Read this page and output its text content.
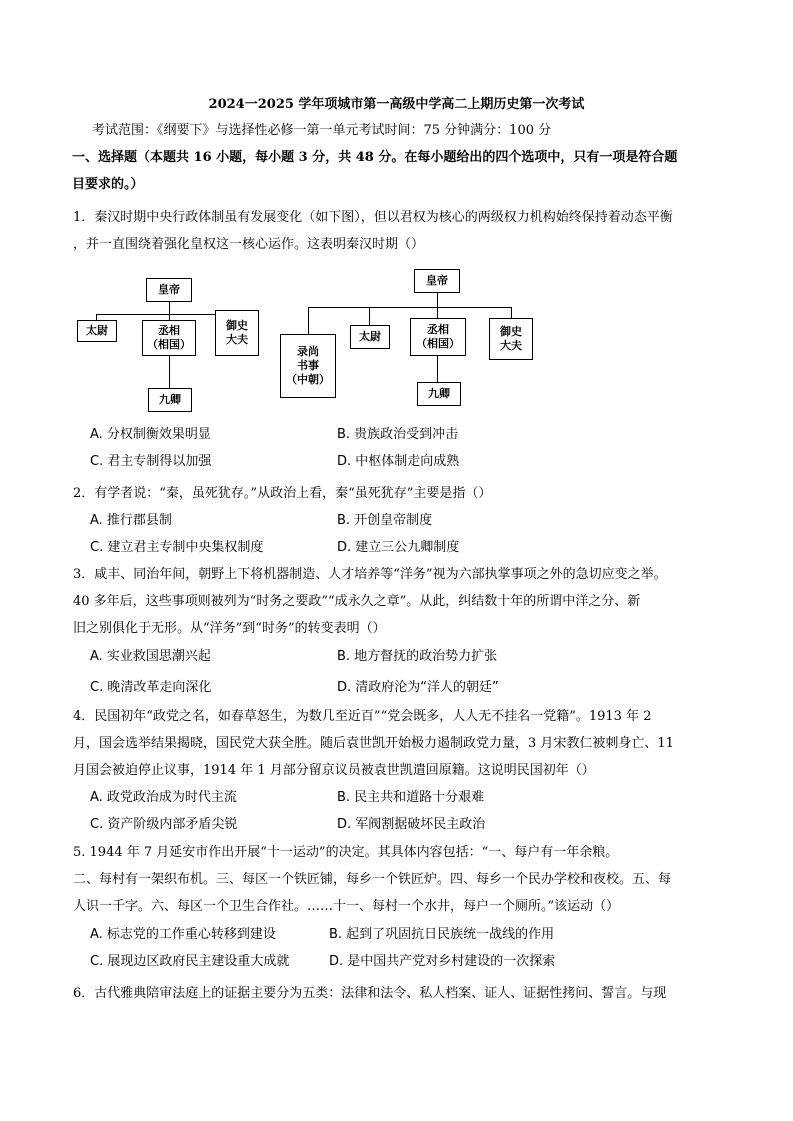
2024一2025 学年项城市第一高级中学高二上期历史第一次考试
考试范围：《纲要下》与选择性必修一第一单元考试时间：75 分钟满分：100 分
一、选择题（本题共 16 小题，每小题 3 分，共 48 分。在每小题给出的四个选项中，只有一项是符合题
目要求的。）
1．秦汉时期中央行政体制虽有发展变化（如下图），但以君权为核心的两级权力机构始终保持着动态平衡
，并一直围绕着强化皇权这一核心运作。这表明秦汉时期（）
皇帝
太尉	丞相
（相国）
御史
大夫
九卿
皇帝
录尚
书事
（中朝）
太尉
丞相
（相国）
御史
大夫
九卿
A. 分权制衡效果明显	B. 贵族政治受到冲击
C. 君主专制得以加强	D. 中枢体制走向成熟
2．有学者说：“秦，虽死犹存。”从政治上看，秦“虽死犹存”主要是指（）
A. 推行郡县制	B. 开创皇帝制度
C. 建立君主专制中央集权制度	D. 建立三公九卿制度
3．咸丰、同治年间，朝野上下将机器制造、人才培养等“洋务”视为六部执掌事项之外的急切应变之举。
40 多年后，这些事项则被列为“时务之要政”“成永久之章”。从此，纠结数十年的所谓中洋之分、新
旧之别俱化于无形。从“洋务”到“时务”的转变表明（）
A. 实业救国思潮兴起	B. 地方督抚的政治势力扩张
C. 晚清改革走向深化	D. 清政府沦为“洋人的朝廷”
4．民国初年“政党之名，如春草怒生，为数几至近百”“党会既多，人人无不挂名一党籍”。1913 年 2
月，国会选举结果揭晓，国民党大获全胜。随后袁世凯开始极力遏制政党力量，3 月宋教仁被刺身亡、11
月国会被迫停止议事，1914 年 1 月部分留京议员被袁世凯遣回原籍。这说明民国初年（）
A. 政党政治成为时代主流	B. 民主共和道路十分艰难
C. 资产阶级内部矛盾尖锐	D. 军阀割据破坏民主政治
5. 1944 年 7 月延安市作出开展“十一运动”的决定。其具体内容包括：“一、每户有一年余粮。
二、每村有一架织布机。三、每区一个铁匠铺，每乡一个铁匠炉。四、每乡一个民办学校和夜校。五、每
人识一千字。六、每区一个卫生合作社。……十一、每村一个水井，每户一个厕所。”该运动（）
A. 标志党的工作重心转移到建设	B. 起到了巩固抗日民族统一战线的作用
C. 展现边区政府民主建设重大成就	D. 是中国共产党对乡村建设的一次探索
6．古代雅典陪审法庭上的证据主要分为五类：法律和法令、私人档案、证人、证据性拷问、誓言。与现
